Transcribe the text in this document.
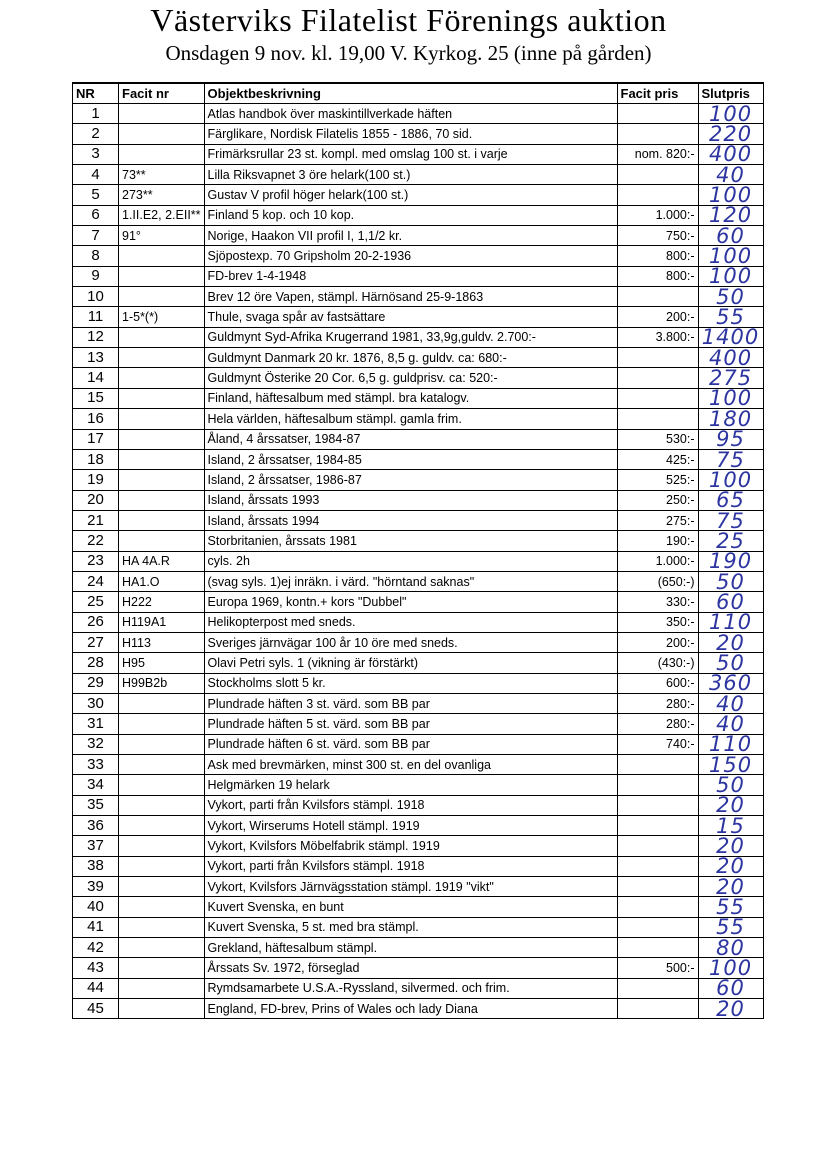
Västerviks Filatelist Förenings auktion
Onsdagen 9 nov. kl. 19,00 V. Kyrkog. 25 (inne på gården)
NR	Facit nr	Objektbeskrivning	Facit pris	Slutpris
1		Atlas handbok över maskintillverkade häften		100
2		Färglikare, Nordisk Filatelis 1855 - 1886, 70 sid.		220
3		Frimärksrullar 23 st. kompl. med omslag 100 st. i varje	nom. 820:-	400
4	73**	Lilla Riksvapnet 3 öre helark(100 st.)		40
5	273**	Gustav V profil höger helark(100 st.)		100
6	1.II.E2, 2.EII**	Finland 5 kop. och 10 kop.	1.000:-	120
7	91°	Norige, Haakon VII profil I, 1,1/2 kr.	750:-	60
8		Sjöpostexp. 70 Gripsholm 20-2-1936	800:-	100
9		FD-brev 1-4-1948	800:-	100
10		Brev 12 öre Vapen, stämpl. Härnösand 25-9-1863		50
11	1-5*(*)	Thule, svaga spår av fastsättare	200:-	55
12		Guldmynt Syd-Afrika Krugerrand 1981, 33,9g,guldv. 2.700:-	3.800:-	1400
13		Guldmynt Danmark 20 kr. 1876, 8,5 g. guldv. ca: 680:-		400
14		Guldmynt Österike 20 Cor. 6,5 g. guldprisv. ca: 520:-		275
15		Finland, häftesalbum med stämpl. bra katalogv.		100
16		Hela världen, häftesalbum stämpl. gamla frim.		180
17		Åland, 4 årssatser, 1984-87	530:-	95
18		Island, 2 årssatser, 1984-85	425:-	75
19		Island, 2 årssatser, 1986-87	525:-	100
20		Island, årssats 1993	250:-	65
21		Island, årssats 1994	275:-	75
22		Storbritanien, årssats 1981	190:-	25
23	HA 4A.R	cyls. 2h	1.000:-	190
24	HA1.O	(svag syls. 1)ej inräkn. i värd. "hörntand saknas"	(650:-)	50
25	H222	Europa 1969, kontn.+ kors "Dubbel"	330:-	60
26	H119A1	Helikopterpost med sneds.	350:-	110
27	H113	Sveriges järnvägar 100 år 10 öre med sneds.	200:-	20
28	H95	Olavi Petri syls. 1 (vikning är förstärkt)	(430:-)	50
29	H99B2b	Stockholms slott 5 kr.	600:-	360
30		Plundrade häften 3 st. värd. som BB par	280:-	40
31		Plundrade häften 5 st. värd. som BB par	280:-	40
32		Plundrade häften 6 st. värd. som BB par	740:-	110
33		Ask med brevmärken, minst 300 st. en del ovanliga		150
34		Helgmärken 19 helark		50
35		Vykort, parti från Kvilsfors stämpl. 1918		20
36		Vykort, Wirserums Hotell stämpl. 1919		15
37		Vykort, Kvilsfors Möbelfabrik stämpl. 1919		20
38		Vykort, parti från Kvilsfors stämpl. 1918		20
39		Vykort, Kvilsfors Järnvägsstation stämpl. 1919 "vikt"		20
40		Kuvert Svenska, en bunt		55
41		Kuvert Svenska, 5 st. med bra stämpl.		55
42		Grekland, häftesalbum stämpl.		80
43		Årssats Sv. 1972, förseglad	500:-	100
44		Rymdsamarbete U.S.A.-Ryssland, silvermed. och frim.		60
45		England, FD-brev, Prins of Wales och lady Diana		20
